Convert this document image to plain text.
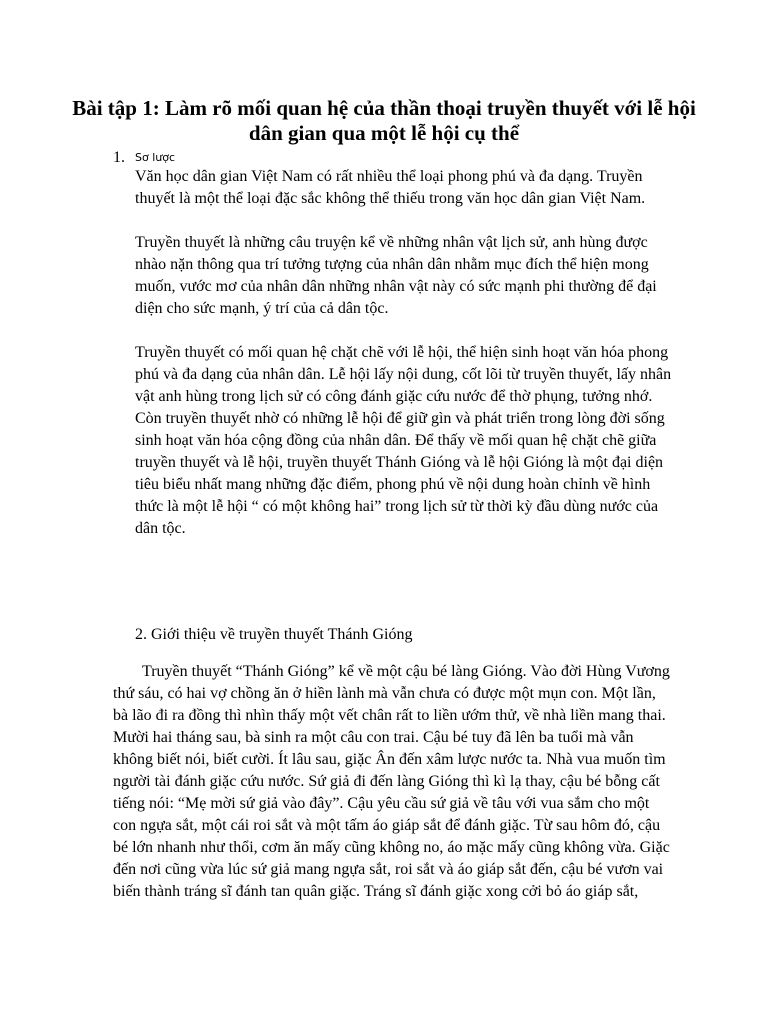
Bài tập 1: Làm rõ mối quan hệ của thần thoại truyền thuyết với lễ hội dân gian qua một lễ hội cụ thể
1. Sơ lược

Văn học dân gian Việt Nam có rất nhiều thể loại phong phú và đa dạng. Truyền thuyết là một thể loại đặc sắc không thể thiếu trong văn học dân gian Việt Nam.

Truyền thuyết là những câu truyện kể về những nhân vật lịch sử, anh hùng được nhào nặn thông qua trí tưởng tượng của nhân dân nhằm mục đích thể hiện mong muốn, vước mơ của nhân dân những nhân vật này có sức mạnh phi thường để đại diện cho sức mạnh, ý trí của cả dân tộc.

Truyền thuyết có mối quan hệ chặt chẽ với lễ hội, thể hiện sinh hoạt văn hóa phong phú và đa dạng của nhân dân. Lễ hội lấy nội dung, cốt lõi từ truyền thuyết, lấy nhân vật anh hùng trong lịch sử có công đánh giặc cứu nước để thờ phụng, tưởng nhớ. Còn truyền thuyết nhờ có những lễ hội để giữ gìn và phát triển trong lòng đời sống sinh hoạt văn hóa cộng đồng của nhân dân. Để thấy về mối quan hệ chặt chẽ giữa truyền thuyết và lễ hội, truyền thuyết Thánh Gióng và lễ hội Gióng là một đại diện tiêu biểu nhất mang những đặc điểm, phong phú về nội dung hoàn chỉnh về hình thức là một lễ hội “ có một không hai” trong lịch sử từ thời kỳ đầu dùng nước của dân tộc.

2. Giới thiệu về truyền thuyết Thánh Gióng

Truyền thuyết “Thánh Gióng” kể về một cậu bé làng Gióng. Vào đời Hùng Vương thứ sáu, có hai vợ chồng ăn ở hiền lành mà vẫn chưa có được một mụn con. Một lần, bà lão đi ra đồng thì nhìn thấy một vết chân rất to liền ướm thử, về nhà liền mang thai. Mười hai tháng sau, bà sinh ra một câu con trai. Cậu bé tuy đã lên ba tuổi mà vẫn không biết nói, biết cười. Ít lâu sau, giặc Ân đến xâm lược nước ta. Nhà vua muốn tìm người tài đánh giặc cứu nước. Sứ giả đi đến làng Gióng thì kì lạ thay, cậu bé bỗng cất tiếng nói: “Mẹ mời sứ giả vào đây”. Cậu yêu cầu sứ giả về tâu với vua sắm cho một con ngựa sắt, một cái roi sắt và một tấm áo giáp sắt để đánh giặc. Từ sau hôm đó, cậu bé lớn nhanh như thổi, cơm ăn mấy cũng không no, áo mặc mấy cũng không vừa. Giặc đến nơi cũng vừa lúc sứ giả mang ngựa sắt, roi sắt và áo giáp sắt đến, cậu bé vươn vai biến thành tráng sĩ đánh tan quân giặc. Tráng sĩ đánh giặc xong cởi bỏ áo giáp sắt,
